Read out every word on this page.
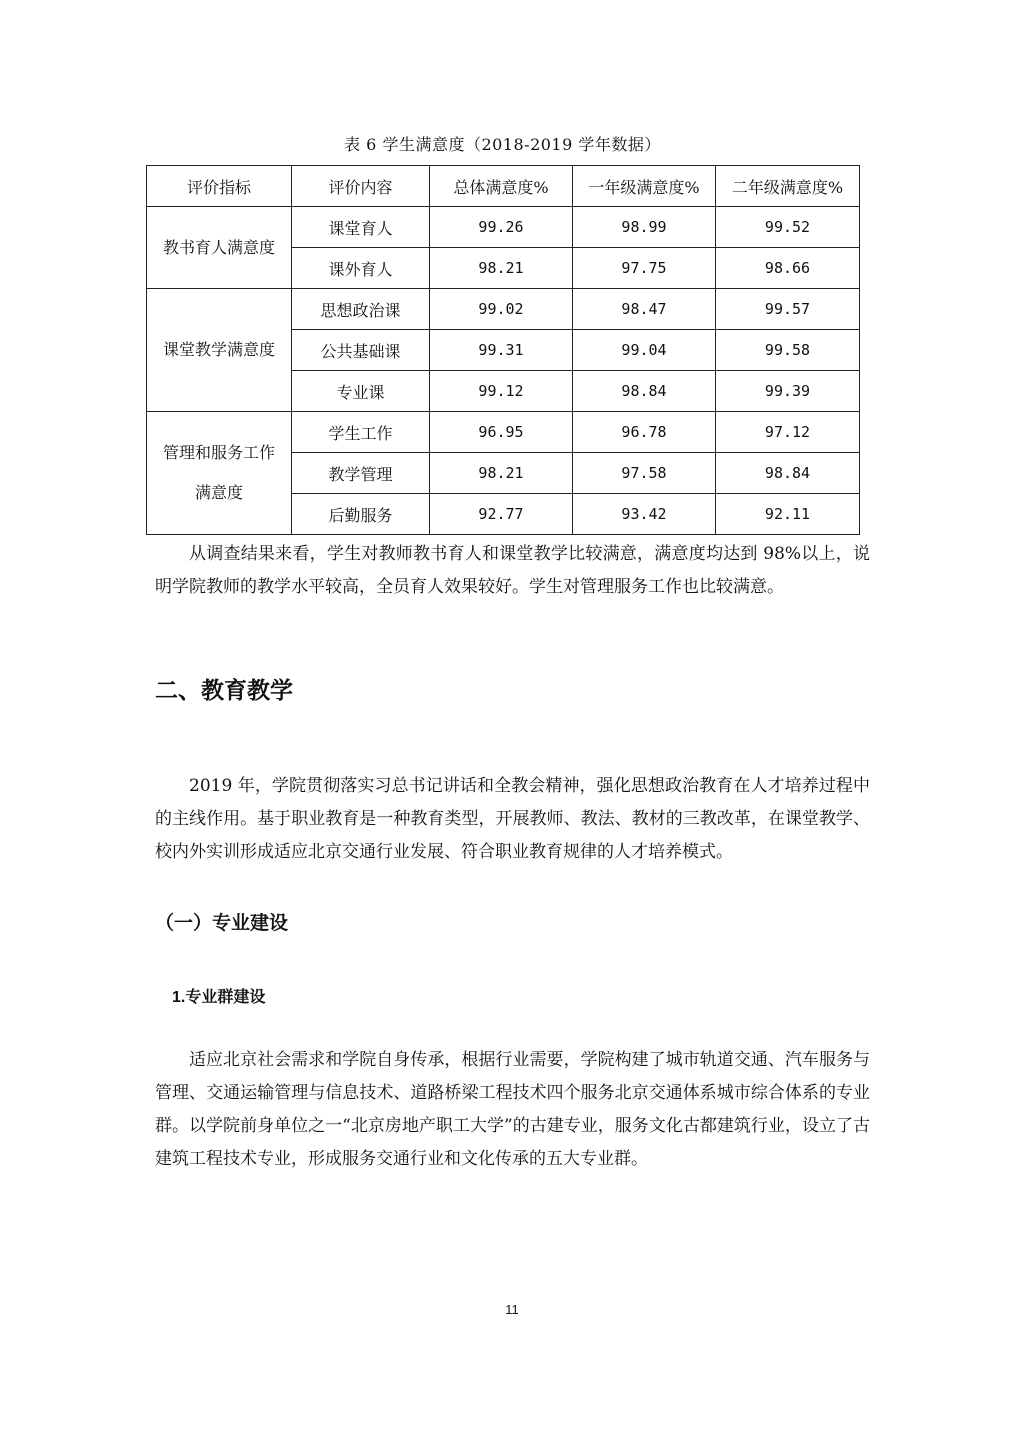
表 6 学生满意度（2018-2019 学年数据）
评价指标	评价内容	总体满意度%	一年级满意度%	二年级满意度%
教书育人满意度	课堂育人	99.26	98.99	99.52
	课外育人	98.21	97.75	98.66
课堂教学满意度	思想政治课	99.02	98.47	99.57
	公共基础课	99.31	99.04	99.58
	专业课	99.12	98.84	99.39

管理和服务工作
满意度	学生工作	96.95	96.78	97.12
	教学管理	98.21	97.58	98.84
	后勤服务	92.77	93.42	92.11

从调查结果来看，学生对教师教书育人和课堂教学比较满意，满意度均达到 98%以上，说明学院教师的教学水平较高，全员育人效果较好。学生对管理服务工作也比较满意。

二、教育教学

2019 年，学院贯彻落实习总书记讲话和全教会精神，强化思想政治教育在人才培养过程中的主线作用。基于职业教育是一种教育类型，开展教师、教法、教材的三教改革，在课堂教学、校内外实训形成适应北京交通行业发展、符合职业教育规律的人才培养模式。

（一）专业建设
1.专业群建设

适应北京社会需求和学院自身传承，根据行业需要，学院构建了城市轨道交通、汽车服务与管理、交通运输管理与信息技术、道路桥梁工程技术四个服务北京交通体系城市综合体系的专业群。以学院前身单位之一“北京房地产职工大学”的古建专业，服务文化古都建筑行业，设立了古建筑工程技术专业，形成服务交通行业和文化传承的五大专业群。

11
